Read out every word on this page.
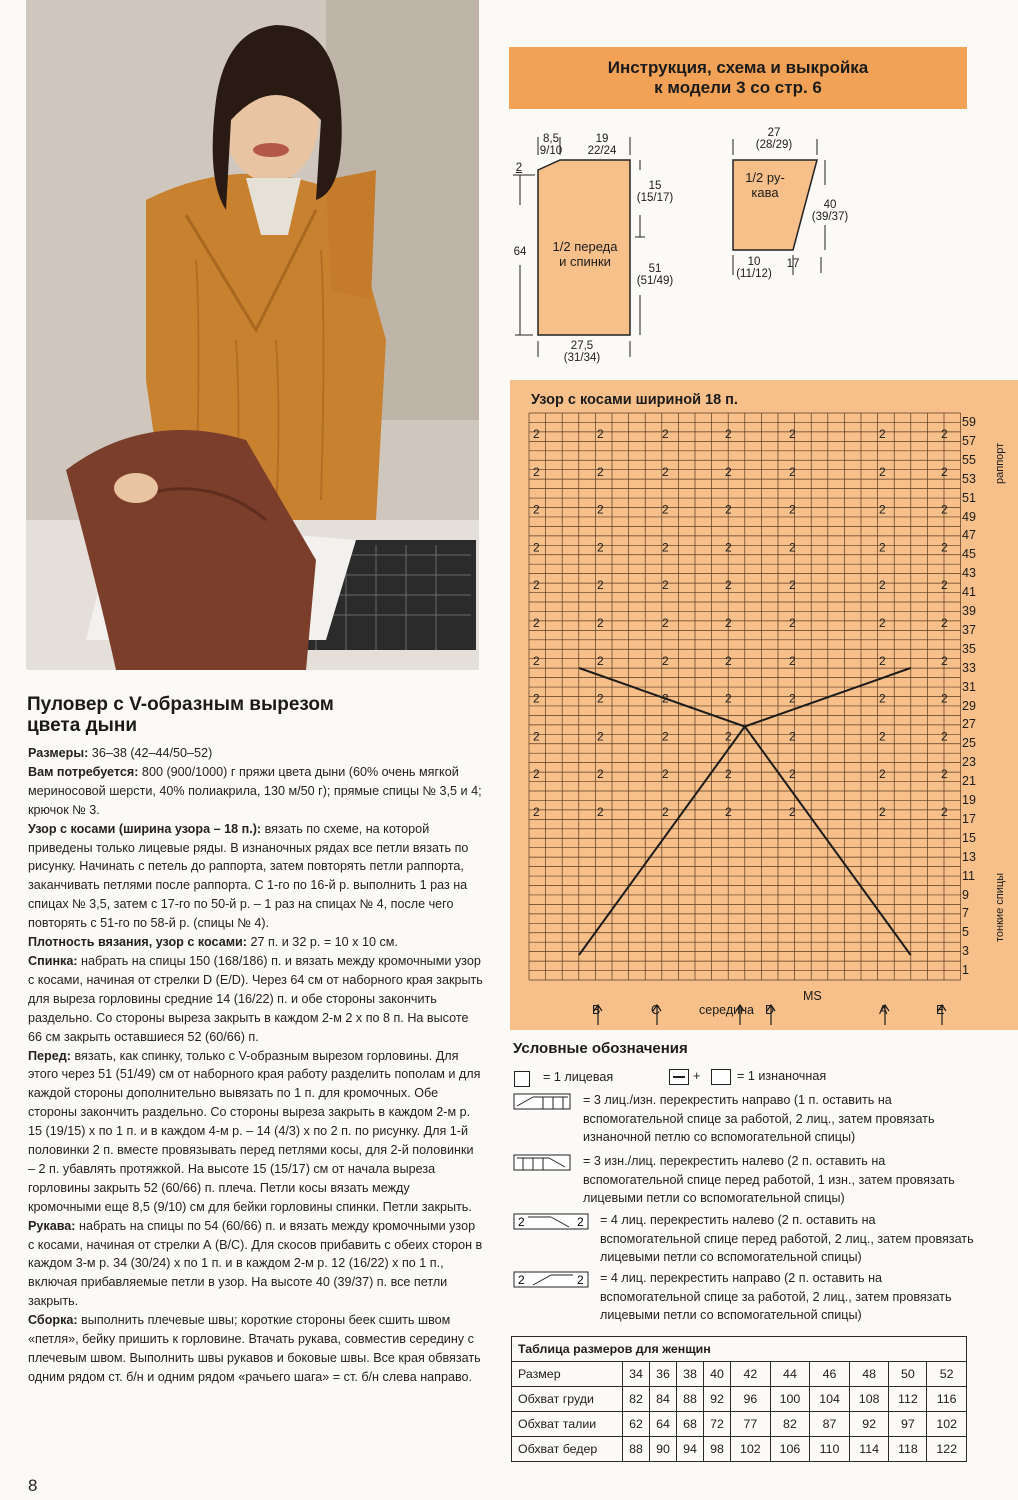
Инструкция, схема и выкройка
к модели 3 со стр. 6
8,5
9/10
19
22/24
2
64
15
(15/17)
51
(51/49)
1/2 переда
и спинки
27,5
(31/34)
27
(28/29)
1/2 ру-
кава
40
(39/37)
10
(11/12)
17
Узор с косами шириной 18 п.
2	2	2	2	2	2	2
2	2	2	2	2	2	2
2	2	2	2	2	2	2
2	2	2	2	2	2	2
2	2	2	2	2	2	2
2	2	2	2	2	2	2
2	2	2	2	2	2	2
2	2	2	2	2	2	2
2	2	2	2	2	2	2
2	2	2	2	2	2	2
2	2	2	2	2	2	2
59
57
55
53
51
49
47
45
43
41
39
37
35
33
31
29
27
25
23
21
19
17
15
13
11
9
7
5
3
1
раппорт
тонкие спицы
B	C	середина D
MS
A	E
Пуловер с V-образным вырезом
цвета дыни

Размеры: 36–38 (42–44/50–52)

Вам потребуется: 800 (900/1000) г пряжи цвета дыни (60% очень мягкой мериносовой шерсти, 40% полиакрила, 130 м/50 г); прямые спицы № 3,5 и 4; крючок № 3.

Узор с косами (ширина узора – 18 п.): вязать по схеме, на которой приведены только лицевые ряды. В изнаночных рядах все петли вязать по рисунку. Начинать с петель до раппорта, затем повторять петли раппорта, заканчивать петлями после раппорта. С 1-го по 16-й р. выполнить 1 раз на спицах № 3,5, затем с 17-го по 50-й р. – 1 раз на спицах № 4, после чего повторять с 51-го по 58-й р. (спицы № 4).

Плотность вязания, узор с косами: 27 п. и 32 р. = 10 х 10 см.

Спинка: набрать на спицы 150 (168/186) п. и вязать между кромочными узор с косами, начиная от стрелки D (E/D). Через 64 см от наборного края закрыть для выреза горловины средние 14 (16/22) п. и обе стороны закончить раздельно. Со стороны выреза закрыть в каждом 2-м 2 х по 8 п. На высоте 66 см закрыть оставшиеся 52 (60/66) п.

Перед: вязать, как спинку, только с V-образным вырезом горловины. Для этого через 51 (51/49) см от наборного края работу разделить пополам и для каждой стороны дополнительно вывязать по 1 п. для кромочных. Обе стороны закончить раздельно. Со стороны выреза закрыть в каждом 2-м р. 15 (19/15) х по 1 п. и в каждом 4-м р. – 14 (4/3) х по 2 п. по рисунку. Для 1-й половинки 2 п. вместе провязывать перед петлями косы, для 2-й половинки – 2 п. убавлять протяжкой. На высоте 15 (15/17) см от начала выреза горловины закрыть 52 (60/66) п. плеча. Петли косы вязать между кромочными еще 8,5 (9/10) см для бейки горловины спинки. Петли закрыть.

Рукава: набрать на спицы по 54 (60/66) п. и вязать между кромочными узор с косами, начиная от стрелки А (B/C). Для скосов прибавить с обеих сторон в каждом 3-м р. 34 (30/24) х по 1 п. и в каждом 2-м р. 12 (16/22) х по 1 п., включая прибавляемые петли в узор. На высоте 40 (39/37) п. все петли закрыть.

Сборка: выполнить плечевые швы; короткие стороны беек сшить швом «петля», бейку пришить к горловине. Втачать рукава, совместив середину с плечевым швом. Выполнить швы рукавов и боковые швы. Все края обвязать одним рядом ст. б/н и одним рядом «рачьего шага» = ст. б/н слева направо.

Условные обозначения
= 1 лицевая	+	= 1 изнаночная
= 3 лиц./изн. перекрестить направо (1 п. оставить на вспомогательной спице за работой, 2 лиц., затем провязать изнаночной петлю со вспомогательной спицы)
= 3 изн./лиц. перекрестить налево (2 п. оставить на вспомогательной спице перед работой, 1 изн., затем провязать лицевыми петли со вспомогательной спицы)
2	2 = 4 лиц. перекрестить налево (2 п. оставить на вспомогательной спице перед работой, 2 лиц., затем провязать лицевыми петли со вспомогательной спицы)
2	2 = 4 лиц. перекрестить направо (2 п. оставить на вспомогательной спице за работой, 2 лиц., затем провязать лицевыми петли со вспомогательной спицы)
Таблица размеров для женщин										
Размер	34	36	38	40	42	44	46	48	50	52
Обхват груди	82	84	88	92	96	100	104	108	112	116
Обхват талии	62	64	68	72	77	82	87	92	97	102
Обхват бедер	88	90	94	98	102	106	110	114	118	122
8
